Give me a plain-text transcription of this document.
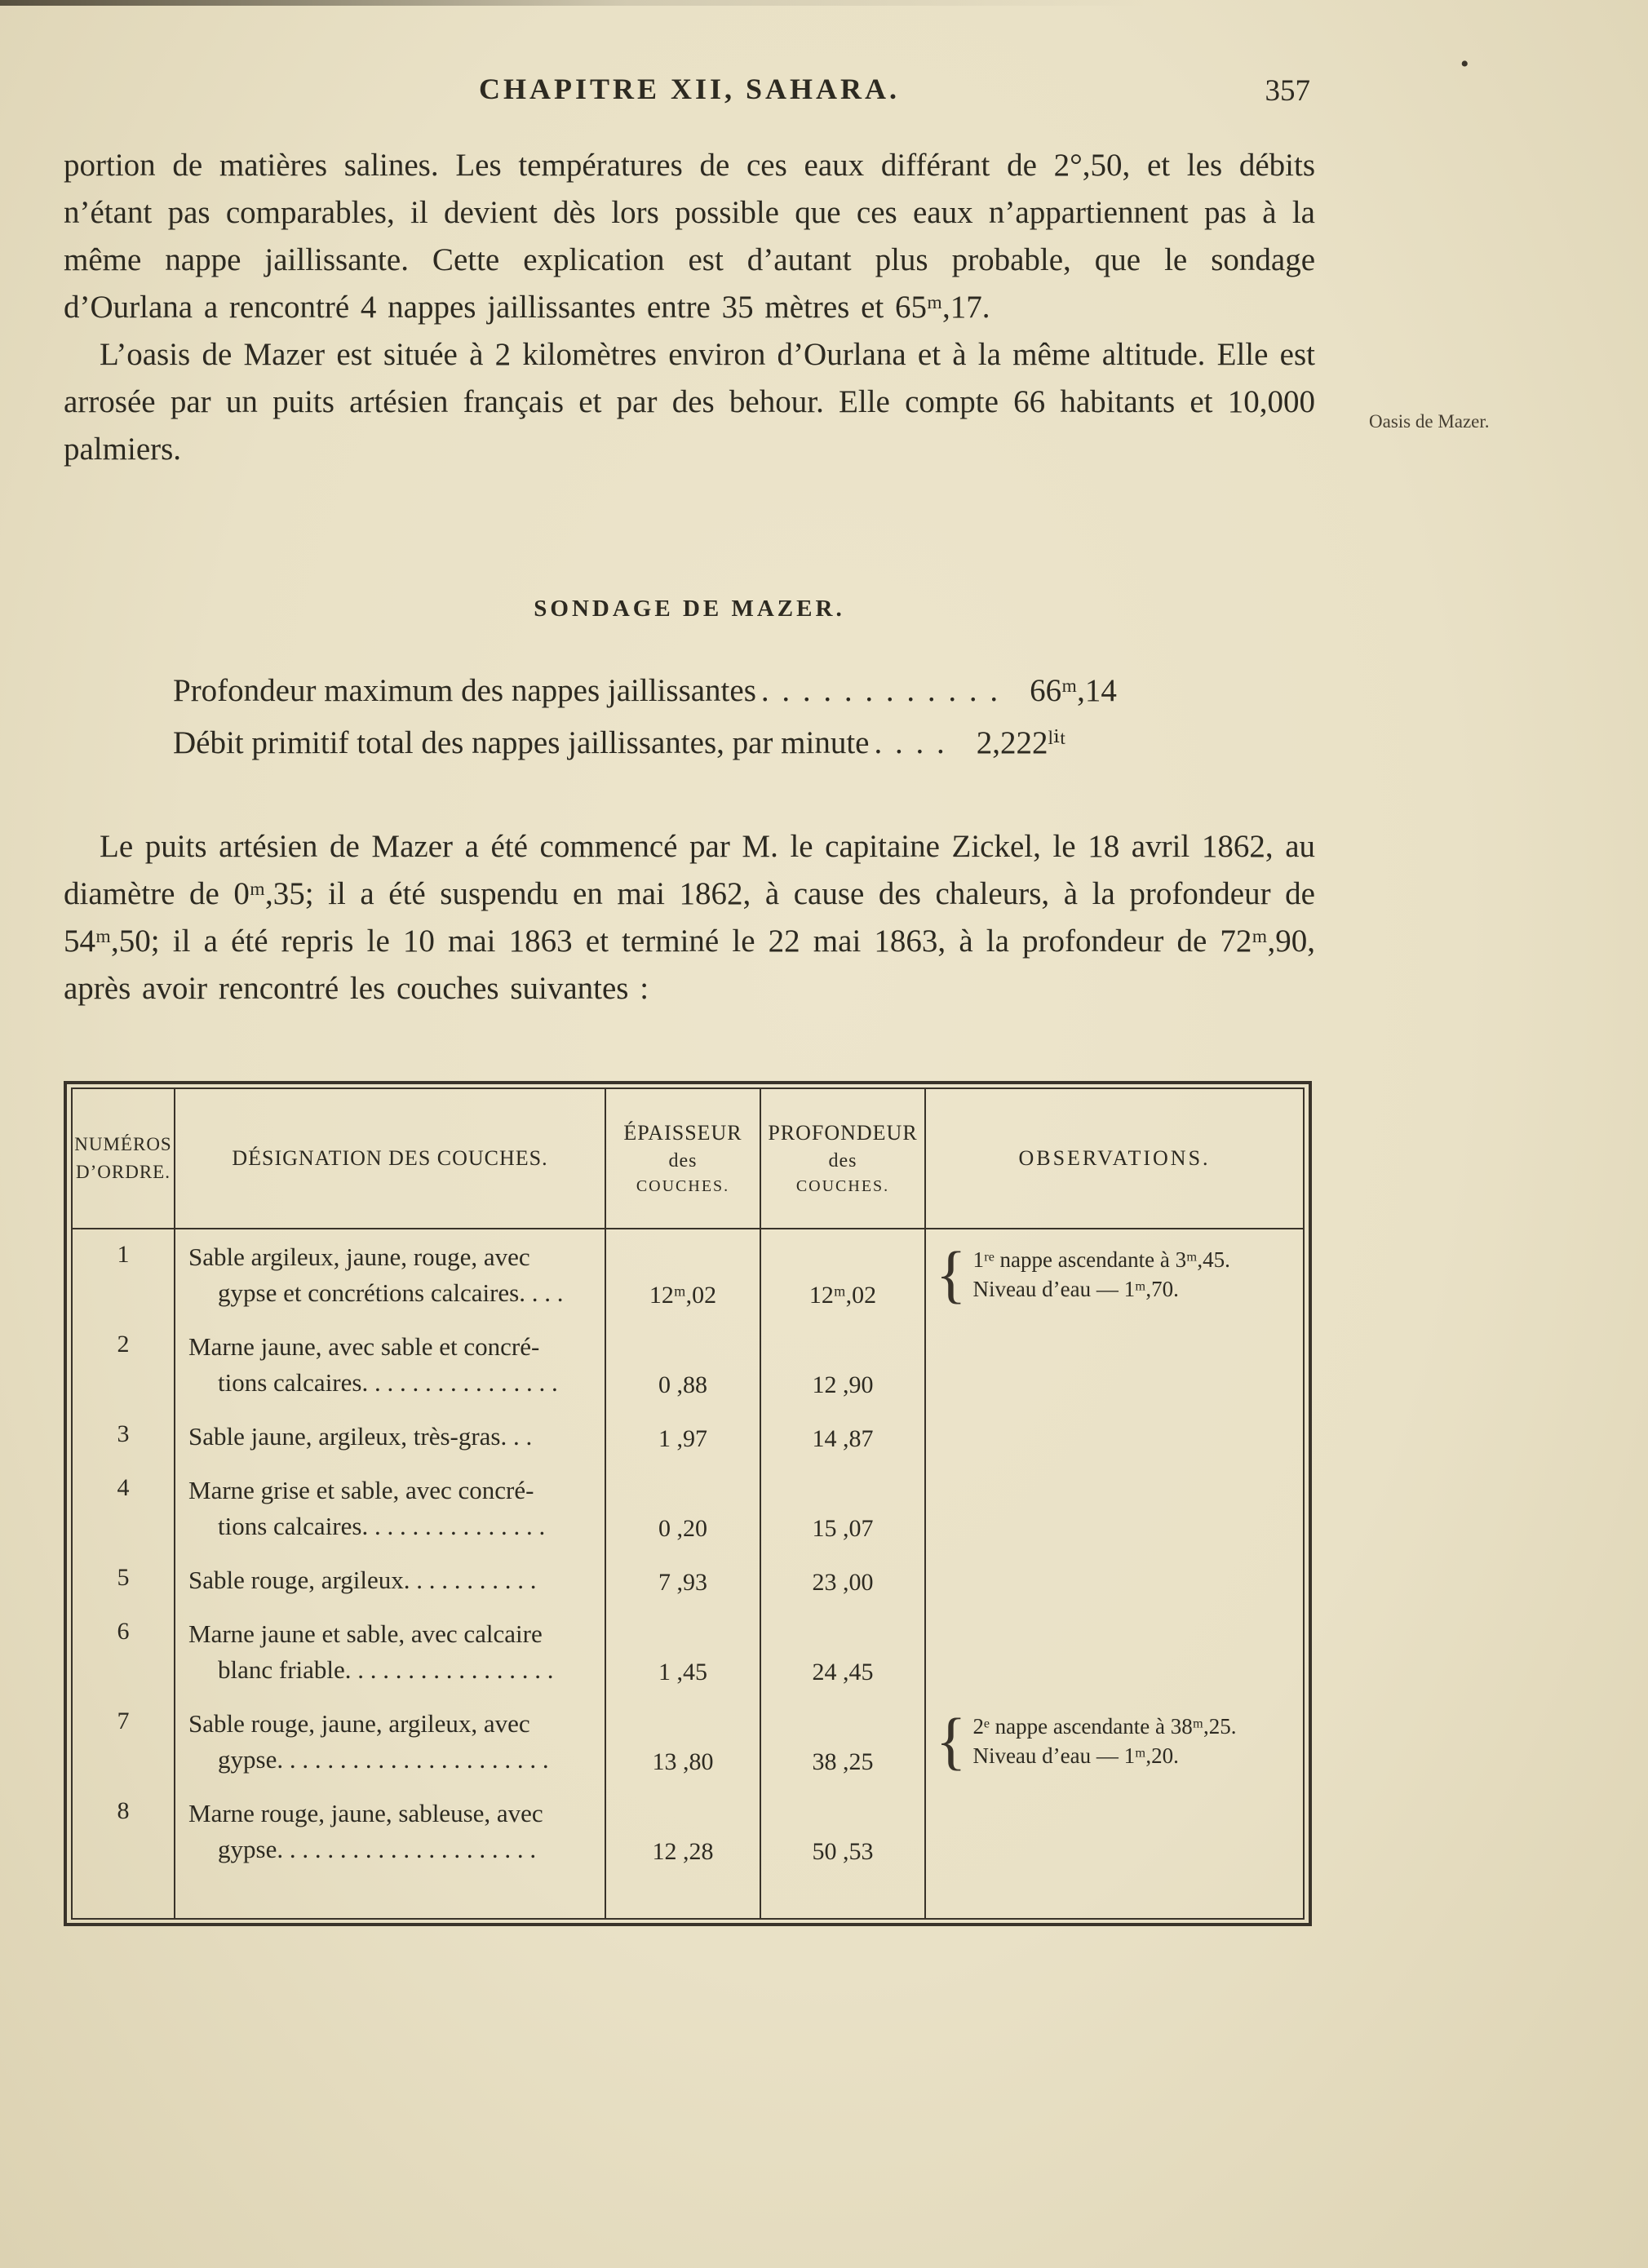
•
CHAPITRE XII, SAHARA.	357

portion de matières salines. Les températures de ces eaux différant de 2°,50, et les débits n’étant pas comparables, il devient dès lors possible que ces eaux n’appartiennent pas à la même nappe jaillissante. Cette explication est d’autant plus probable, que le sondage d’Ourlana a rencontré 4 nappes jaillissantes entre 35 mètres et 65ᵐ,17.

L’oasis de Mazer est située à 2 kilomètres environ d’Ourlana et à la même altitude. Elle est arrosée par un puits artésien français et par des behour. Elle compte 66 habitants et 10,000 palmiers.

Oasis de Mazer.
SONDAGE DE MAZER.
Profondeur maximum des nappes jaillissantes . . . . . . . . . . . . 66ᵐ,14
Débit primitif total des nappes jaillissantes, par minute . . . . 2,222ˡⁱᵗ

Le puits artésien de Mazer a été commencé par M. le capitaine Zickel, le 18 avril 1862, au diamètre de 0ᵐ,35; il a été suspendu en mai 1862, à cause des chaleurs, à la profondeur de 54ᵐ,50; il a été repris le 10 mai 1863 et terminé le 22 mai 1863, à la profondeur de 72ᵐ,90, après avoir rencontré les couches suivantes :

NUMÉROS
D’ORDRE.
DÉSIGNATION DES COUCHES.
ÉPAISSEUR
des
COUCHES.
PROFONDEUR
des
COUCHES.
OBSERVATIONS.
1	Sable argileux, jaune, rouge, avec
gypse et concrétions calcaires. . . .	12ᵐ,02	12ᵐ,02 { 1ʳᵉ nappe ascendante à 3ᵐ,45.
Niveau d’eau — 1ᵐ,70.
2	Marne jaune, avec sable et concré-
tions calcaires. . . . . . . . . . . . . . . .	0 ,88	12 ,90
3	Sable jaune, argileux, très-gras. . .	1 ,97	14 ,87
4	Marne grise et sable, avec concré-
tions calcaires. . . . . . . . . . . . . . .	0 ,20	15 ,07
5	Sable rouge, argileux. . . . . . . . . . .	7 ,93	23 ,00
6	Marne jaune et sable, avec calcaire
blanc friable. . . . . . . . . . . . . . . . .	1 ,45	24 ,45
7	Sable rouge, jaune, argileux, avec
gypse. . . . . . . . . . . . . . . . . . . . . .	13 ,80	38 ,25 { 2ᵉ nappe ascendante à 38ᵐ,25.
Niveau d’eau — 1ᵐ,20.
8	Marne rouge, jaune, sableuse, avec
gypse. . . . . . . . . . . . . . . . . . . . .	12 ,28	50 ,53
